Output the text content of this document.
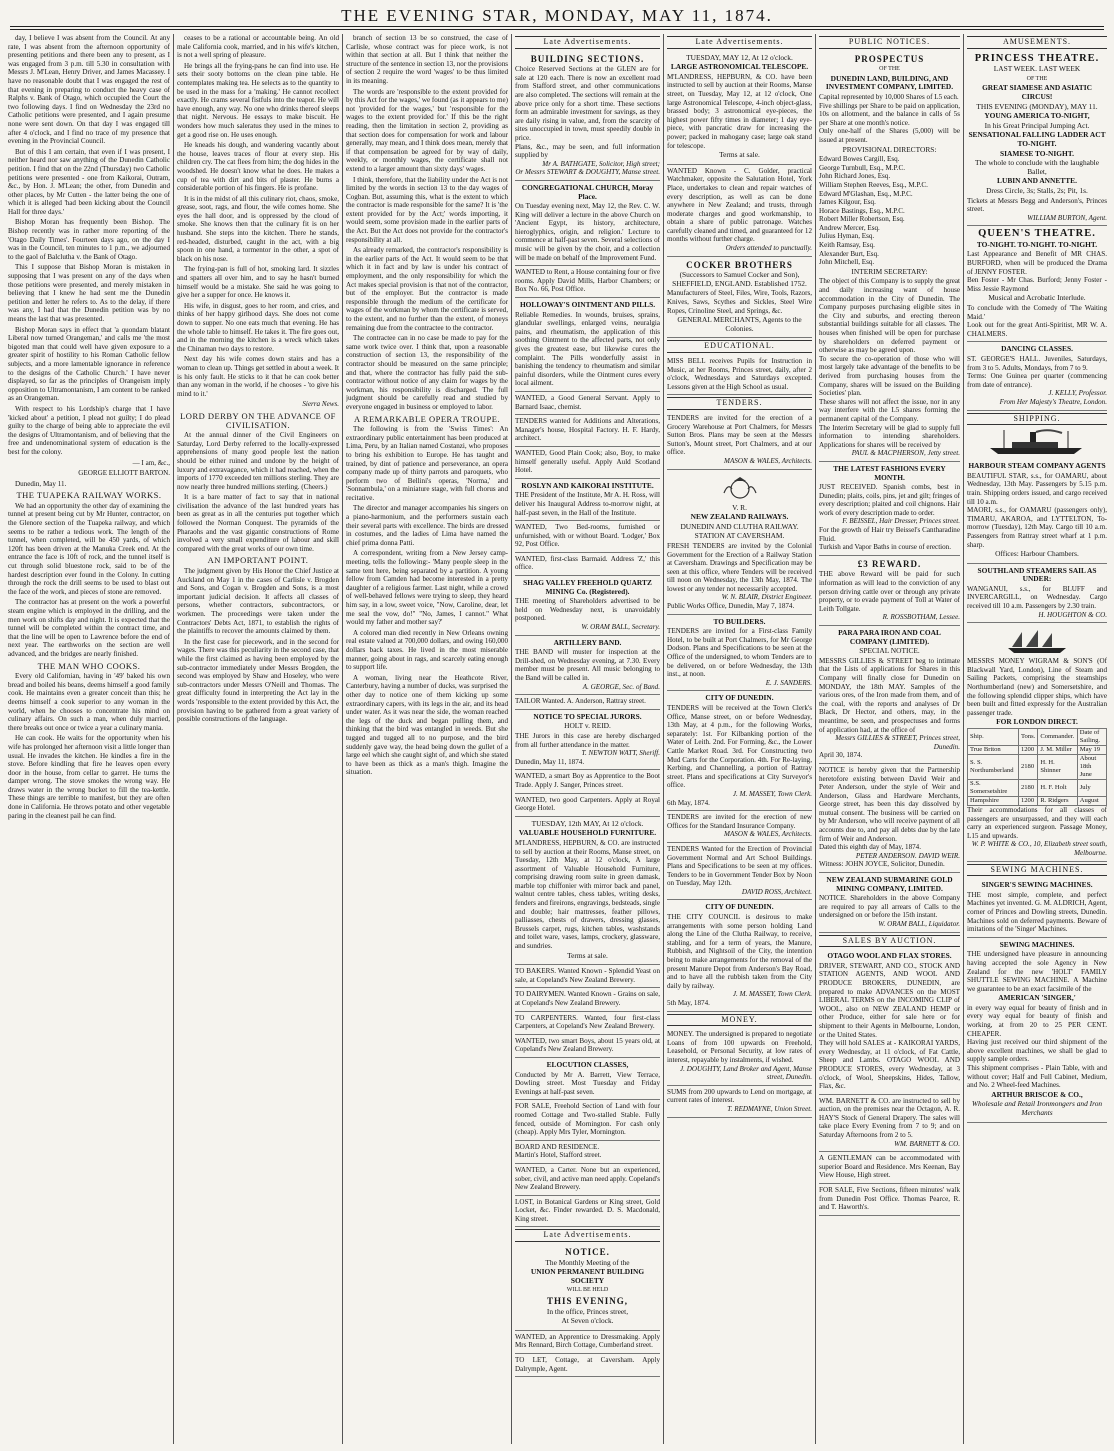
THE EVENING STAR, MONDAY, MAY 11, 1874.

day, I believe I was absent from the Council. At any rate, I was absent from the afternoon opportunity of presenting petitions and there been any to present, as I was engaged from 3 p.m. till 5.30 in consultation with Messrs J. M'Lean, Henry Driver, and James Macassey. I have no reasonable doubt that I was engaged the rest of that evening in preparing to conduct the heavy case of Ralphs v. Bank of Otago, which occupied the Court the two following days. I find on Wednesday the 23rd no Catholic petitions were presented, and I again presume none were sent down. On that day I was engaged till after 4 o'clock, and I find no trace of my presence that evening in the Provincial Council.

But of this I am certain, that even if I was present, I neither heard nor saw anything of the Dunedin Catholic petition. I find that on the 22nd (Thursday) two Catholic petitions were presented - one from Kaikorai, Outram, &c., by Hon. J. M'Lean; the other, from Dunedin and other places, by Mr Cutten - the latter being the one of which it is alleged 'had been kicking about the Council Hall for three days.'

Bishop Moran has frequently been Bishop. The Bishop recently was in rather more reporting of the 'Otago Daily Times'. Fourteen days ago, on the day I was in the Council, ten minutes to 1 p.m., we adjourned to the gaol of Balclutha v. the Bank of Otago.

This I suppose that Bishop Moran is mistaken in supposing that I was present on any of the days when those petitions were presented, and merely mistaken in believing that I knew he had sent me the Dunedin petition and letter he refers to. As to the delay, if there was any, I had that the Dunedin petition was by no means the last that was presented.

Bishop Moran says in effect that 'a quondam blatant Liberal now turned Orangeman,' and calls me 'the most bigoted man that could well have given exposure to a greater spirit of hostility to his Roman Catholic fellow subjects, and a more lamentable ignorance in reference to the designs of the Catholic Church.' I have never displayed, so far as the principles of Orangeism imply opposition to Ultramontanism, I am content to be ranked as an Orangeman.

With respect to his Lordship's charge that I have 'kicked about' a petition, I plead not guilty; I do plead guilty to the charge of being able to appreciate the evil the designs of Ultramontanism, and of believing that the free and undenominational system of education is the best for the colony.

— I am, &c.,

GEORGE ELLIOTT BARTON.

Dunedin, May 11.

THE TUAPEKA RAILWAY WORKS.

We had an opportunity the other day of examining the tunnel at present being cut by Mr Hunter, contractor, on the Glenore section of the Tuapeka railway, and which seems to be rather a tedious work. The length of the tunnel, when completed, will be 450 yards, of which 120ft has been driven at the Manuka Creek end. At the entrance the face is 10ft of rock, and the tunnel itself is cut through solid bluestone rock, said to be of the hardest description ever found in the Colony. In cutting through the rock the drill seems to be used to blast out the face of the work, and pieces of stone are removed.

The contractor has at present on the work a powerful steam engine which is employed in the drilling, and the men work on shifts day and night. It is expected that the tunnel will be completed within the contract time, and that the line will be open to Lawrence before the end of next year. The earthworks on the section are well advanced, and the bridges are nearly finished.

THE MAN WHO COOKS.

Every old Californian, having in '49' baked his own bread and boiled his beans, deems himself a good family cook. He maintains even a greater conceit than this; he deems himself a cook superior to any woman in the world, when he chooses to concentrate his mind on culinary affairs. On such a man, when duly married, there breaks out once or twice a year a culinary mania.

He can cook. He waits for the opportunity when his wife has prolonged her afternoon visit a little longer than usual. He invades the kitchen. He kindles a fire in the stove. Before kindling that fire he leaves open every door in the house, from cellar to garret. He turns the damper wrong. The stove smokes the wrong way. He draws water in the wrong bucket to fill the tea-kettle. These things are terrible to manifest, but they are often done in California. He throws potato and other vegetable paring in the cleanest pail he can find.

ceases to be a rational or accountable being. An old male California cook, married, and in his wife's kitchen, is not a well spring of pleasure.

He brings all the frying-pans he can find into use. He sets their sooty bottoms on the clean pine table. He contemplates making tea. He selects as to the quantity to be used in the mass for a 'making.' He cannot recollect exactly. He crams several fistfuls into the teapot. He will have enough, any way. No one who drinks thereof sleeps that night. Nervous. He essays to make biscuit. He wonders how much saleratus they used in the mines to get a good rise on. He uses enough.

He kneads his dough, and wandering vacantly about the house, leaves traces of flour at every step. His children cry. The cat flees from him; the dog hides in the woodshed. He doesn't know what he does. He makes a cup of tea with dirt and bits of plaster. He burns a considerable portion of his fingers. He is profane.

It is in the midst of all this culinary riot, chaos, smoke, grease, soot, rags, and flour, the wife comes home. She eyes the hall door, and is oppressed by the cloud of smoke. She knows then that the culinary fit is on her husband. She steps into the kitchen. There he stands, red-headed, disturbed, caught in the act, with a big spoon in one hand, a tormentor in the other, a spot of black on his nose.

The frying-pan is full of hot, smoking lard. It sizzles and spatters all over him, and to say he hasn't burned himself would be a mistake. She said he was going to give her a supper for once. He knows it.

His wife, in disgust, goes to her room, and cries, and thinks of her happy girlhood days. She does not come down to supper. No one eats much that evening. He has the whole table to himself. He takes it. The fire goes out, and in the morning the kitchen is a wreck which takes the Chinaman two days to restore.

Next day his wife comes down stairs and has a woman to clean up. Things get settled in about a week. It is his only fault. He sticks to it that he can cook better than any woman in the world, if he chooses - 'to give his mind to it.'

Sierra News.

LORD DERBY ON THE ADVANCE OF CIVILISATION.

At the annual dinner of the Civil Engineers on Saturday, Lord Derby referred to the locally-expressed apprehensions of many good people lest the nation should be either ruined and undone by the height of luxury and extravagance, which it had reached, when the imports of 1770 exceeded ten millions sterling. They are now nearly three hundred millions sterling. (Cheers.)

It is a bare matter of fact to say that in national civilisation the advance of the last hundred years has been as great as in all the centuries put together which followed the Norman Conquest. The pyramids of the Pharaohs and the vast gigantic constructions of Rome involved a very small expenditure of labour and skill compared with the great works of our own time.

AN IMPORTANT POINT.

The judgment given by His Honor the Chief Justice at Auckland on May 1 in the cases of Carlisle v. Brogden and Sons, and Cogan v. Brogden and Sons, is a most important judicial decision. It affects all classes of persons, whether contractors, subcontractors, or workmen. The proceedings were taken under the Contractors' Debts Act, 1871, to establish the rights of the plaintiffs to recover the amounts claimed by them.

In the first case for piecework, and in the second for wages. There was this peculiarity in the second case, that while the first claimed as having been employed by the sub-contractor immediately under Messrs Brogden, the second was employed by Shaw and Hoseley, who were sub-contractors under Messrs O'Neill and Thomas. The great difficulty found in interpreting the Act lay in the words 'responsible to the extent provided by this Act, the provision having to be gathered from a great variety of possible constructions of the language.

branch of section 13 be so construed, the case of Carlisle, whose contract was for piece work, is not within that section at all. But I think that neither the structure of the sentence in section 13, nor the provisions of section 2 require the word 'wages' to be thus limited in its meaning.

The words are 'responsible to the extent provided for by this Act for the wages,' we found (as it appears to me) not 'provided for the wages,' but 'responsible for the wages to the extent provided for.' If this be the right reading, then the limitation in section 2, providing as that section does for compensation for work and labour generally, may mean, and I think does mean, merely that if that compensation be agreed for by way of daily, weekly, or monthly wages, the certificate shall not extend to a larger amount than sixty days' wages.

I think, therefore, that the liability under the Act is not limited by the words in section 13 to the day wages of Cogban. But, assuming this, what is the extent to which the contractor is made responsible for the same? It is 'the extent provided for by the Act;' words importing, it would seem, some provision made in the earlier parts of the Act. But the Act does not provide for the contractor's responsibility at all.

As already remarked, the contractor's responsibility is in the earlier parts of the Act. It would seem to be that which it in fact and by law is under his contract of employment, and the only responsibility for which the Act makes special provision is that not of the contractor, but of the employer. But the contractor is made responsible through the medium of the certificate for wages of the workman by whom the certificate is served, to the extent, and no further than the extent, of moneys remaining due from the contractee to the contractor.

The contractee can in no case be made to pay for the same work twice over. I think that, upon a reasonable construction of section 13, the responsibility of the contractor should be measured on the same principle; and that, where the contractor has fully paid the sub-contractor without notice of any claim for wages by the workman, his responsibility is discharged. The full judgment should be carefully read and studied by everyone engaged in business or employed to labor.

A REMARKABLE OPERA TROUPE.

The following is from the 'Swiss Times': An extraordinary public entertainment has been produced at Lima, Peru, by an Italian named Costanzi, who proposes to bring his exhibition to Europe. He has taught and trained, by dint of patience and perseverance, an opera company made up of thirty parrots and paroquets, who perform two of Bellini's operas, 'Norma,' and 'Sonnambula,' on a miniature stage, with full chorus and recitative.

The director and manager accompanies his singers on a piano-harmonium, and the performers sustain each their several parts with excellence. The birds are dressed in costumes, and the ladies of Lima have named the chief prima donna Patti.

A correspondent, writing from a New Jersey camp-meeting, tells the following:- 'Many people sleep in the same tent here, being separated by a partition. A young fellow from Camden had become interested in a pretty daughter of a religious farmer. Last night, while a crowd of well-behaved fellows were trying to sleep, they heard him say, in a low, sweet voice, "Now, Caroline, dear, let me seal the vow, do!" "No, James, I cannot." What would my father and mother say?'

A colored man died recently in New Orleans owning real estate valued at 700,000 dollars, and owing 160,000 dollars back taxes. He lived in the most miserable manner, going about in rags, and scarcely eating enough to support life.

A woman, living near the Heathcote River, Canterbury, having a number of ducks, was surprised the other day to notice one of them kicking up some extraordinary capers, with its legs in the air, and its head under water. As it was near the side, the woman reached the legs of the duck and began pulling them, and thinking that the bird was entangled in weeds. But she tugged and tugged all to no purpose, and the bird suddenly gave way, the head being down the gullet of a large eel which she caught sight of, and which she stated to have been as thick as a man's thigh. Imagine the situation.

Late Advertisements.
BUILDING SECTIONS.

Choice Reserved Sections at the GLEN are for sale at 120 each. There is now an excellent road from Stafford street, and other communications are also completed. The sections will remain at the above price only for a short time. These sections form an admirable investment for savings, as they are daily rising in value, and, from the scarcity of sites unoccupied in town, must speedily double in price.

Plans, &c., may be seen, and full information supplied by

Mr A. BATHGATE, Solicitor, High street;

Or Messrs STEWART & DOUGHTY, Manse street.

CONGREGATIONAL CHURCH, Moray Place.

On Tuesday evening next, May 12, the Rev. C. W. King will deliver a lecture in the above Church on 'Ancient Egypt, its history, architecture, hieroglyphics, origin, and religion.' Lecture to commence at half-past seven. Several selections of music will be given by the choir, and a collection will be made on behalf of the Improvement Fund.

WANTED to Rent, a House containing four or five rooms. Apply David Mills, Harbor Chambers; or Box No. 66, Post Office.

HOLLOWAY'S OINTMENT AND PILLS.

Reliable Remedies. In wounds, bruises, sprains, glandular swellings, enlarged veins, neuralgia pains, and rheumatism, the application of this soothing Ointment to the affected parts, not only gives the greatest ease, but likewise cures the complaint. The Pills wonderfully assist in banishing the tendency to rheumatism and similar painful disorders, while the Ointment cures every local ailment.

WANTED, a Good General Servant. Apply to Barnard Isaac, chemist.

TENDERS wanted for Additions and Alterations, Manager's house, Hospital Factory. H. F. Hardy, architect.

WANTED, Good Plain Cook; also, Boy, to make himself generally useful. Apply Auld Scotland Hotel.

ROSLYN AND KAIKORAI INSTITUTE.

THE President of the Institute, Mr A. H. Ross, will deliver his Inaugural Address to-morrow night, at half-past seven, in the Hall of the Institute.

WANTED, Two Bed-rooms, furnished or unfurnished, with or without Board. 'Lodger,' Box 92, Post Office.

WANTED, first-class Barmaid. Address 'Z,' this office.

SHAG VALLEY FREEHOLD QUARTZ MINING Co. (Registered).

THE meeting of Shareholders advertised to be held on Wednesday next, is unavoidably postponed.

W. ORAM BALL, Secretary.

ARTILLERY BAND.

THE BAND will muster for inspection at the Drill-shed, on Wednesday evening, at 7.30. Every member must be present. All music belonging to the Band will be called in.

A. GEORGE, Sec. of Band.

TAILOR Wanted. A. Anderson, Rattray street.

NOTICE TO SPECIAL JURORS.
HOLT v. REID.

THE Jurors in this case are hereby discharged from all further attendance in the matter.

T. NEWTON WATT, Sheriff.

Dunedin, May 11, 1874.

WANTED, a smart Boy as Apprentice to the Boot Trade. Apply J. Sanger, Princes street.

WANTED, two good Carpenters. Apply at Royal George Hotel.

TUESDAY, 12th MAY, At 12 o'clock.
VALUABLE HOUSEHOLD FURNITURE.

M'LANDRESS, HEPBURN, & CO. are instructed to sell by auction at their Rooms, Manse street, on Tuesday, 12th May, at 12 o'clock, A large assortment of Valuable Household Furniture, comprising drawing room suite in green damask, marble top chiffonier with mirror back and panel, walnut centre tables, chess tables, writing desks, fenders and fireirons, engravings, bedsteads, single and double; hair mattresses, feather pillows, palliasses, chests of drawers, dressing glasses, Brussels carpet, rugs, kitchen tables, washstands and toilet ware, vases, lamps, crockery, glassware, and sundries.

Terms at sale.

TO BAKERS. Wanted Known - Splendid Yeast on sale, at Copeland's New Zealand Brewery.

TO DAIRYMEN. Wanted Known - Grains on sale, at Copeland's New Zealand Brewery.

TO CARPENTERS. Wanted, four first-class Carpenters, at Copeland's New Zealand Brewery.

WANTED, two smart Boys, about 15 years old, at Copeland's New Zealand Brewery.

ELOCUTION CLASSES,

Conducted by Mr A. Barrett, View Terrace, Dowling street. Most Tuesday and Friday Evenings at half-past seven.

FOR SALE, Freehold Section of Land with four roomed Cottage and Two-stalled Stable. Fully fenced, outside of Mornington. For cash only (cheap). Apply Mrs Tyler, Mornington.

BOARD AND RESIDENCE.

Martin's Hotel, Stafford street.

WANTED, a Carter. None but an experienced, sober, civil, and active man need apply. Copeland's New Zealand Brewery.

LOST, in Botanical Gardens or King street, Gold Locket, &c. Finder rewarded. D. S. Macdonald, King street.

Late Advertisements.
NOTICE.
The Monthly Meeting of the
UNION PERMANENT BUILDING SOCIETY
WILL BE HELD
THIS EVENING,
In the office, Princes street,
At Seven o'clock.

WANTED, an Apprentice to Dressmaking. Apply Mrs Rennard, Birch Cottage, Cumberland street.

TO LET, Cottage, at Caversham. Apply Dalrymple, Agent.

Late Advertisements.
TUESDAY, MAY 12, At 12 o'clock.
LARGE ASTRONOMICAL TELESCOPE.

M'LANDRESS, HEPBURN, & CO. have been instructed to sell by auction at their Rooms, Manse street, on Tuesday, May 12, at 12 o'clock, One large Astronomical Telescope, 4-inch object-glass, brassed body; 3 astronomical eye-pieces, the highest power fifty times in diameter; 1 day eye-piece, with pancratic draw for increasing the power; packed in mahogany case; large oak stand for telescope.

Terms at sale.

WANTED Known - C. Golder, practical Watchmaker, opposite the Salutation Hotel, York Place, undertakes to clean and repair watches of every description, as well as can be done anywhere in New Zealand; and trusts, through moderate charges and good workmanship, to obtain a share of public patronage. Watches carefully cleaned and timed, and guaranteed for 12 months without further charge.

Orders attended to punctually.

COCKER BROTHERS
(Successors to Samuel Cocker and Son), SHEFFIELD, ENGLAND. Established 1752.

Manufacturers of Steel, Files, Wire, Tools, Razors, Knives, Saws, Scythes and Sickles, Steel Wire Ropes, Crinoline Steel, and Springs, &c.

GENERAL MERCHANTS, Agents to the Colonies.
EDUCATIONAL.

MISS BELL receives Pupils for Instruction in Music, at her Rooms, Princes street, daily, after 2 o'clock, Wednesdays and Saturdays excepted. Lessons given at the High School as usual.

TENDERS.

TENDERS are invited for the erection of a Grocery Warehouse at Port Chalmers, for Messrs Sutton Bros. Plans may be seen at the Messrs Sutton's, Mount street, Port Chalmers, and at our office.

MASON & WALES, Architects.

V. R.
NEW ZEALAND RAILWAYS.
DUNEDIN AND CLUTHA RAILWAY.
STATION AT CAVERSHAM.

FRESH TENDERS are invited by the Colonial Government for the Erection of a Railway Station at Caversham. Drawings and Specification may be seen at this office, where Tenders will be received till noon on Wednesday, the 13th May, 1874. The lowest or any tender not necessarily accepted.

W. N. BLAIR, District Engineer.

Public Works Office, Dunedin, May 7, 1874.

TO BUILDERS.

TENDERS are invited for a First-class Family Hotel, to be built at Port Chalmers, for Mr George Dodson. Plans and Specifications to be seen at the Office of the undersigned, to whom Tenders are to be delivered, on or before Wednesday, the 13th inst., at noon.

E. J. SANDERS.

CITY OF DUNEDIN.

TENDERS will be received at the Town Clerk's Office, Manse street, on or before Wednesday, 13th May, at 4 p.m., for the following Works, separately: 1st. For Kilbanking portion of the Water of Leith. 2nd. For Forming, &c., the Lower Cattle Market Road. 3rd. For Constructing two Mud Carts for the Corporation. 4th. For Re-laying, Kerbing, and Channelling, a portion of Rattray street. Plans and specifications at City Surveyor's office.

J. M. MASSEY, Town Clerk.

6th May, 1874.

TENDERS are invited for the erection of new Offices for the Standard Insurance Company.

MASON & WALES, Architects.

TENDERS Wanted for the Erection of Provincial Government Normal and Art School Buildings. Plans and Specifications to be seen at my offices. Tenders to be in Government Tender Box by Noon on Tuesday, May 12th.

DAVID ROSS, Architect.

CITY OF DUNEDIN.

THE CITY COUNCIL is desirous to make arrangements with some person holding Land along the Line of the Clutha Railway, to receive, stabling, and for a term of years, the Manure, Rubbish, and Nightsoil of the City, the intention being to make arrangements for the removal of the present Manure Depot from Anderson's Bay Road, and to have all the rubbish taken from the City daily by railway.

J. M. MASSEY, Town Clerk.

5th May, 1874.

MONEY.

MONEY. The undersigned is prepared to negotiate Loans of from 100 upwards on Freehold, Leasehold, or Personal Security, at low rates of interest, repayable by instalments, if wished.

J. DOUGHTY, Land Broker and Agent, Manse street, Dunedin.

SUMS from 200 upwards to Lend on mortgage, at current rates of interest.

T. REDMAYNE, Union Street.

PUBLIC NOTICES.
PROSPECTUS
OF THE
DUNEDIN LAND, BUILDING, AND INVESTMENT COMPANY, LIMITED.

Capital represented by 10,000 Shares of L5 each.

Five shillings per Share to be paid on application, 10s on allotment, and the balance in calls of 5s per Share at one month's notice.

Only one-half of the Shares (5,000) will be issued at present.

PROVISIONAL DIRECTORS:

Edward Bowes Cargill, Esq.

George Turnbull, Esq., M.P.C.

John Richard Jones, Esq.

William Stephen Reeves, Esq., M.P.C.

Edward M'Glashan, Esq., M.P.C.

James Kilgour, Esq.

Horace Bastings, Esq., M.P.C.

Robert Miller Robertson, Esq.

Andrew Mercer, Esq.

Julius Hyman, Esq.

Keith Ramsay, Esq.

Alexander Burt, Esq.

John Mitchell, Esq.

INTERIM SECRETARY:

The object of this Company is to supply the great and daily increasing want of house accommodation in the City of Dunedin. The Company purposes purchasing eligible sites in the City and suburbs, and erecting thereon substantial buildings suitable for all classes. The houses when finished will be open for purchase by shareholders on deferred payment or otherwise as may be agreed upon.

To secure the co-operation of those who will most largely take advantage of the benefits to be derived from purchasing houses from the Company, shares will be issued on the Building Societies' plan.

These shares will not affect the issue, nor in any way interfere with the L5 shares forming the permanent capital of the Company.

The Interim Secretary will be glad to supply full information to intending shareholders. Applications for shares will be received by

PAUL & MACPHERSON, Jetty street.

THE LATEST FASHIONS EVERY MONTH.

JUST RECEIVED. Spanish combs, best in Dunedin; plaits, coils, pins, jet and gilt; fringes of every description; plaited and coil chignons. Hair work of every description made to order.

F. BEISSEL, Hair Dresser, Princes street.

For the growth of Hair try Beissel's Cantharadine Fluid.

Turkish and Vapor Baths in course of erection.

£3 REWARD.

THE above Reward will be paid for such information as will lead to the conviction of any person driving cattle over or through any private property, or to evade payment of Toll at Water of Leith Tollgate.

R. ROSSBOTHAM, Lessee.

PARA PARA IRON AND COAL COMPANY (LIMITED).
SPECIAL NOTICE.

MESSRS GILLIES & STREET beg to intimate that the Lists of applications for Shares in this Company will finally close for Dunedin on MONDAY, the 18th MAY. Samples of the various ores, of the Iron made from them, and of the coal, with the reports and analyses of Dr Black, Dr Hector, and others, may, in the meantime, be seen, and prospectuses and forms of application had, at the office of

Messrs GILLIES & STREET, Princes street, Dunedin.

April 30, 1874.

NOTICE is hereby given that the Partnership heretofore existing between David Weir and Peter Anderson, under the style of Weir and Anderson, Glass and Hardware Merchants, George street, has been this day dissolved by mutual consent. The business will be carried on by Mr Anderson, who will receive payment of all accounts due to, and pay all debts due by the late firm of Weir and Anderson.

Dated this eighth day of May, 1874.

PETER ANDERSON. DAVID WEIR.

Witness: JOHN JOYCE, Solicitor, Dunedin.

NEW ZEALAND SUBMARINE GOLD MINING COMPANY, LIMITED.

NOTICE. Shareholders in the above Company are required to pay all arrears of Calls to the undersigned on or before the 15th instant.

W. ORAM BALL, Liquidator.

SALES BY AUCTION.
OTAGO WOOL AND FLAX STORES.

DRIVER, STEWART, AND CO., STOCK AND STATION AGENTS, AND WOOL AND PRODUCE BROKERS, DUNEDIN, are prepared to make ADVANCES on the MOST LIBERAL TERMS on the INCOMING CLIP of WOOL, also on NEW ZEALAND HEMP or other Produce, either for sale here or for shipment to their Agents in Melbourne, London, or the United States.

They will hold SALES at - KAIKORAI YARDS, every Wednesday, at 11 o'clock, of Fat Cattle, Sheep and Lambs. OTAGO WOOL AND PRODUCE STORES, every Wednesday, at 3 o'clock, of Wool, Sheepskins, Hides, Tallow, Flax, &c.

WM. BARNETT & CO. are instructed to sell by auction, on the premises near the Octagon, A. R. HAY'S Stock of General Drapery. The sales will take place Every Evening from 7 to 9; and on Saturday Afternoons from 2 to 5.

WM. BARNETT & CO.

A GENTLEMAN can be accommodated with superior Board and Residence. Mrs Keenan, Bay View House, High street.

FOR SALE, Five Sections, fifteen minutes' walk from Dunedin Post Office. Thomas Pearce, R. and T. Haworth's.

AMUSEMENTS.
PRINCESS THEATRE.
LAST WEEK. LAST WEEK
OF THE
GREAT SIAMESE AND ASIATIC CIRCUS!
THIS EVENING (MONDAY), MAY 11.
YOUNG AMERICA TO-NIGHT,
In his Great Principal Jumping Act.
SENSATIONAL FALLING LADDER ACT TO-NIGHT.
SIAMESE TO-NIGHT.
The whole to conclude with the laughable Ballet,
LUBIN AND ANNETTE.
Dress Circle, 3s; Stalls, 2s; Pit, 1s.

Tickets at Messrs Begg and Anderson's, Princes street.

WILLIAM BURTON, Agent.

QUEEN'S THEATRE.
TO-NIGHT. TO-NIGHT. TO-NIGHT.

Last Appearance and Benefit of MR CHAS. BURFORD, when will be produced the Drama of JENNY FOSTER.

Ben Foster - Mr Chas. Burford; Jenny Foster - Miss Jessie Raymond

Musical and Acrobatic Interlude.

To conclude with the Comedy of 'The Waiting Maid.'

Look out for the great Anti-Spiritist, MR W. A. CHALMERS.

DANCING CLASSES.

ST. GEORGE'S HALL. Juveniles, Saturdays, from 3 to 5. Adults, Mondays, from 7 to 9.

Terms: One Guinea per quarter (commencing from date of entrance).

J. KELLY, Professor.

From Her Majesty's Theatre, London.

SHIPPING.
HARBOUR STEAM COMPANY AGENTS

BEAUTIFUL STAR, s.s., for OAMARU, about Wednesday, 13th May. Passengers by 5.15 p.m. train. Shipping orders issued, and cargo received till 10 a.m.

MAORI, s.s., for OAMARU (passengers only), TIMARU, AKAROA, and LYTTELTON, To-morrow (Tuesday), 12th May. Cargo till 10 a.m. Passengers from Rattray street wharf at 1 p.m. sharp.

Offices: Harbour Chambers.
SOUTHLAND STEAMERS SAIL AS UNDER:

WANGANUI, s.s., for BLUFF and INVERCARGILL, on Wednesday. Cargo received till 10 a.m. Passengers by 2.30 train.

H. HOUGHTON & CO.

MESSRS MONEY WIGRAM & SON'S (Of Blackwall Yard, London), Line of Steam and Sailing Packets, comprising the steamships Northumberland (new) and Somersetshire, and the following splendid clipper ships, which have been built and fitted expressly for the Australian passenger trade.

FOR LONDON DIRECT.
Ship.	Tons.	Commander.	Date of Sailing.
True Briton	1200	J. M. Miller	May 19
S. S. Northumberland	2180	H. H. Shinner	About 18th June
S.S. Somersetshire	2180	H. F. Holt	July
Hampshire	1200	R. Ridgers	August

Their accommodations for all classes of passengers are unsurpassed, and they will each carry an experienced surgeon. Passage Money, L15 and upwards.

W. P. WHITE & CO., 10, Elizabeth street south, Melbourne.

SEWING MACHINES.
SINGER'S SEWING MACHINES.

THE most simple, complete, and perfect Machines yet invented. G. M. ALDRICH, Agent, corner of Princes and Dowling streets, Dunedin. Machines sold on deferred payments. Beware of imitations of the 'Singer' Machines.

SEWING MACHINES.

THE undersigned have pleasure in announcing having accepted the sole Agency in New Zealand for the new 'HOLT' FAMILY SHUTTLE SEWING MACHINE. A Machine we guarantee to be an exact facsimile of the

AMERICAN 'SINGER,'

in every way equal for beauty of finish and in every way equal for beauty of finish and working, at from 20 to 25 PER CENT. CHEAPER.

Having just received our third shipment of the above excellent machines, we shall be glad to supply sample orders.

This shipment comprises - Plain Table, with and without cover; Half and Full Cabinet, Medium, and No. 2 Wheel-feed Machines.

ARTHUR BRISCOE & CO.,
Wholesale and Retail Ironmongers and Iron Merchants
